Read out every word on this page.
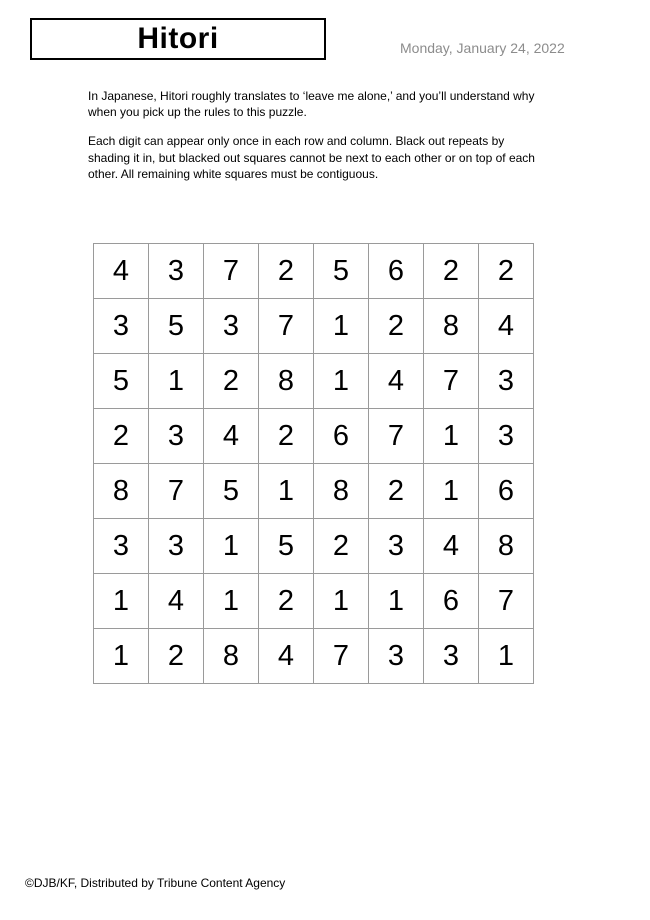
Hitori	Monday, January 24, 2022

In Japanese, Hitori roughly translates to ‘leave me alone,’ and you’ll understand why when you pick up the rules to this puzzle.

Each digit can appear only once in each row and column. Black out repeats by shading it in, but blacked out squares cannot be next to each other or on top of each other. All remaining white squares must be contiguous.

4	3	7	2	5	6	2	2
3	5	3	7	1	2	8	4
5	1	2	8	1	4	7	3
2	3	4	2	6	7	1	3
8	7	5	1	8	2	1	6
3	3	1	5	2	3	4	8
1	4	1	2	1	1	6	7
1	2	8	4	7	3	3	1
©DJB/KF, Distributed by Tribune Content Agency
